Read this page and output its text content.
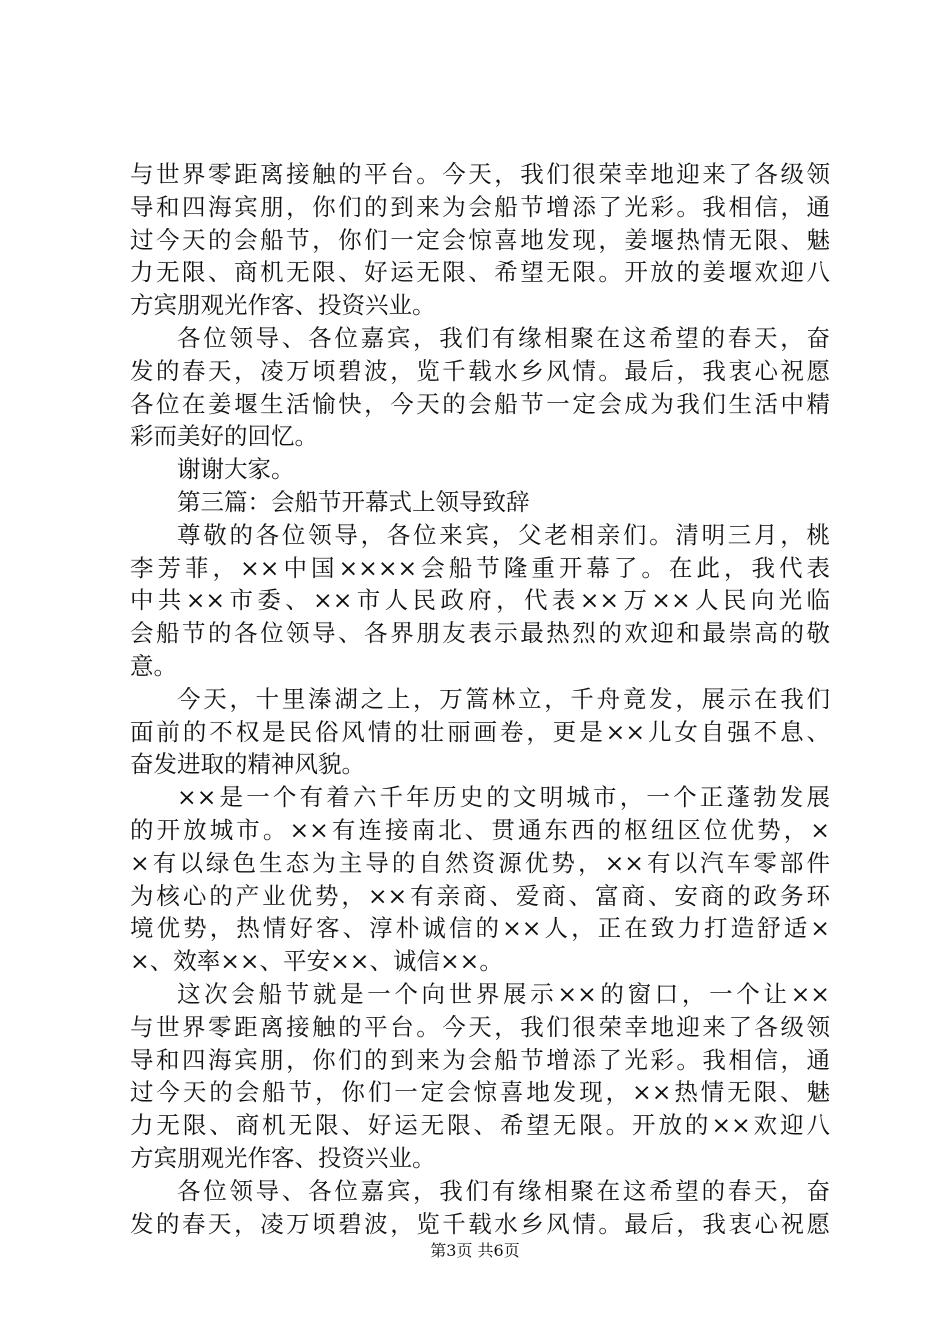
与世界零距离接触的平台。今天，我们很荣幸地迎来了各级领
导和四海宾朋，你们的到来为会船节增添了光彩。我相信，通
过今天的会船节，你们一定会惊喜地发现，姜堰热情无限、魅
力无限、商机无限、好运无限、希望无限。开放的姜堰欢迎八
方宾朋观光作客、投资兴业。
各位领导、各位嘉宾，我们有缘相聚在这希望的春天，奋
发的春天，凌万顷碧波，览千载水乡风情。最后，我衷心祝愿
各位在姜堰生活愉快，今天的会船节一定会成为我们生活中精
彩而美好的回忆。
谢谢大家。
第三篇：会船节开幕式上领导致辞
尊敬的各位领导，各位来宾，父老相亲们。清明三月，桃
李芳菲，××中国××××会船节隆重开幕了。在此，我代表
中共××市委、××市人民政府，代表××万××人民向光临
会船节的各位领导、各界朋友表示最热烈的欢迎和最崇高的敬
意。
今天，十里溱湖之上，万篙林立，千舟竟发，展示在我们
面前的不权是民俗风情的壮丽画卷，更是××儿女自强不息、
奋发进取的精神风貌。
××是一个有着六千年历史的文明城市，一个正蓬勃发展
的开放城市。××有连接南北、贯通东西的枢纽区位优势，×
×有以绿色生态为主导的自然资源优势，××有以汽车零部件
为核心的产业优势，××有亲商、爱商、富商、安商的政务环
境优势，热情好客、淳朴诚信的××人，正在致力打造舒适×
×、效率××、平安××、诚信××。
这次会船节就是一个向世界展示××的窗口，一个让××
与世界零距离接触的平台。今天，我们很荣幸地迎来了各级领
导和四海宾朋，你们的到来为会船节增添了光彩。我相信，通
过今天的会船节，你们一定会惊喜地发现，××热情无限、魅
力无限、商机无限、好运无限、希望无限。开放的××欢迎八
方宾朋观光作客、投资兴业。
各位领导、各位嘉宾，我们有缘相聚在这希望的春天，奋
发的春天，凌万顷碧波，览千载水乡风情。最后，我衷心祝愿
第3页 共6页
